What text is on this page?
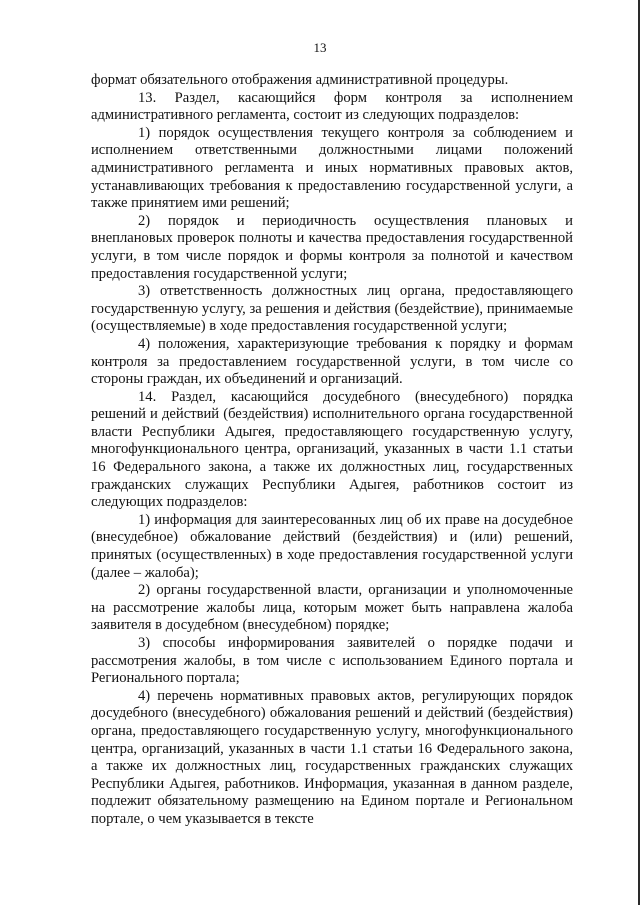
13

формат обязательного отображения административной процедуры.

13. Раздел, касающийся форм контроля за исполнением административного регламента, состоит из следующих подразделов:

1) порядок осуществления текущего контроля за соблюдением и исполнением ответственными должностными лицами положений административного регламента и иных нормативных правовых актов, устанавливающих требования к предоставлению государственной услуги, а также принятием ими решений;

2) порядок и периодичность осуществления плановых и внеплановых проверок полноты и качества предоставления государственной услуги, в том числе порядок и формы контроля за полнотой и качеством предоставления государственной услуги;

3) ответственность должностных лиц органа, предоставляющего государственную услугу, за решения и действия (бездействие), принимаемые (осуществляемые) в ходе предоставления государственной услуги;

4) положения, характеризующие требования к порядку и формам контроля за предоставлением государственной услуги, в том числе со стороны граждан, их объединений и организаций.

14. Раздел, касающийся досудебного (внесудебного) порядка решений и действий (бездействия) исполнительного органа государственной власти Республики Адыгея, предоставляющего государственную услугу, многофункционального центра, организаций, указанных в части 1.1 статьи 16 Федерального закона, а также их должностных лиц, государственных гражданских служащих Республики Адыгея, работников состоит из следующих подразделов:

1) информация для заинтересованных лиц об их праве на досудебное (внесудебное) обжалование действий (бездействия) и (или) решений, принятых (осуществленных) в ходе предоставления государственной услуги (далее – жалоба);

2) органы государственной власти, организации и уполномоченные на рассмотрение жалобы лица, которым может быть направлена жалоба заявителя в досудебном (внесудебном) порядке;

3) способы информирования заявителей о порядке подачи и рассмотрения жалобы, в том числе с использованием Единого портала и Регионального портала;

4) перечень нормативных правовых актов, регулирующих порядок досудебного (внесудебного) обжалования решений и действий (бездействия) органа, предоставляющего государственную услугу, многофункционального центра, организаций, указанных в части 1.1 статьи 16 Федерального закона, а также их должностных лиц, государственных гражданских служащих Республики Адыгея, работников. Информация, указанная в данном разделе, подлежит обязательному размещению на Едином портале и Региональном портале, о чем указывается в тексте
